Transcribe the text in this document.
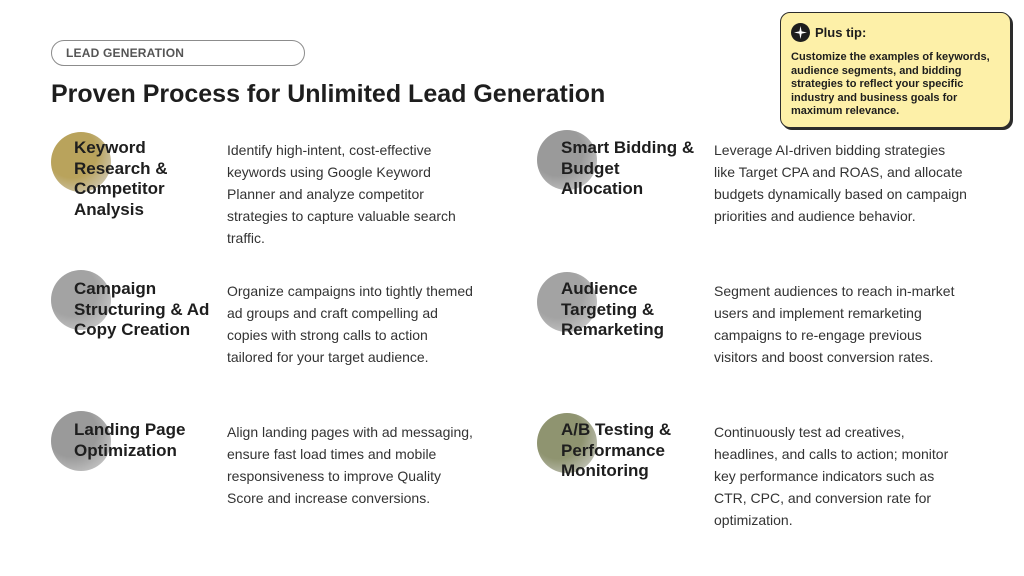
LEAD GENERATION
Proven Process for Unlimited Lead Generation
Plus tip:
Customize the examples of keywords, audience segments, and bidding strategies to reflect your specific industry and business goals for maximum relevance.
Keyword Research & Competitor Analysis

Identify high-intent, cost-effective keywords using Google Keyword Planner and analyze competitor strategies to capture valuable search traffic.

Smart Bidding & Budget Allocation

Leverage AI-driven bidding strategies like Target CPA and ROAS, and allocate budgets dynamically based on campaign priorities and audience behavior.

Campaign Structuring & Ad Copy Creation

Organize campaigns into tightly themed ad groups and craft compelling ad copies with strong calls to action tailored for your target audience.

Audience Targeting & Remarketing

Segment audiences to reach in-market users and implement remarketing campaigns to re-engage previous visitors and boost conversion rates.

Landing Page Optimization

Align landing pages with ad messaging, ensure fast load times and mobile responsiveness to improve Quality Score and increase conversions.

A/B Testing & Performance Monitoring

Continuously test ad creatives, headlines, and calls to action; monitor key performance indicators such as CTR, CPC, and conversion rate for optimization.
